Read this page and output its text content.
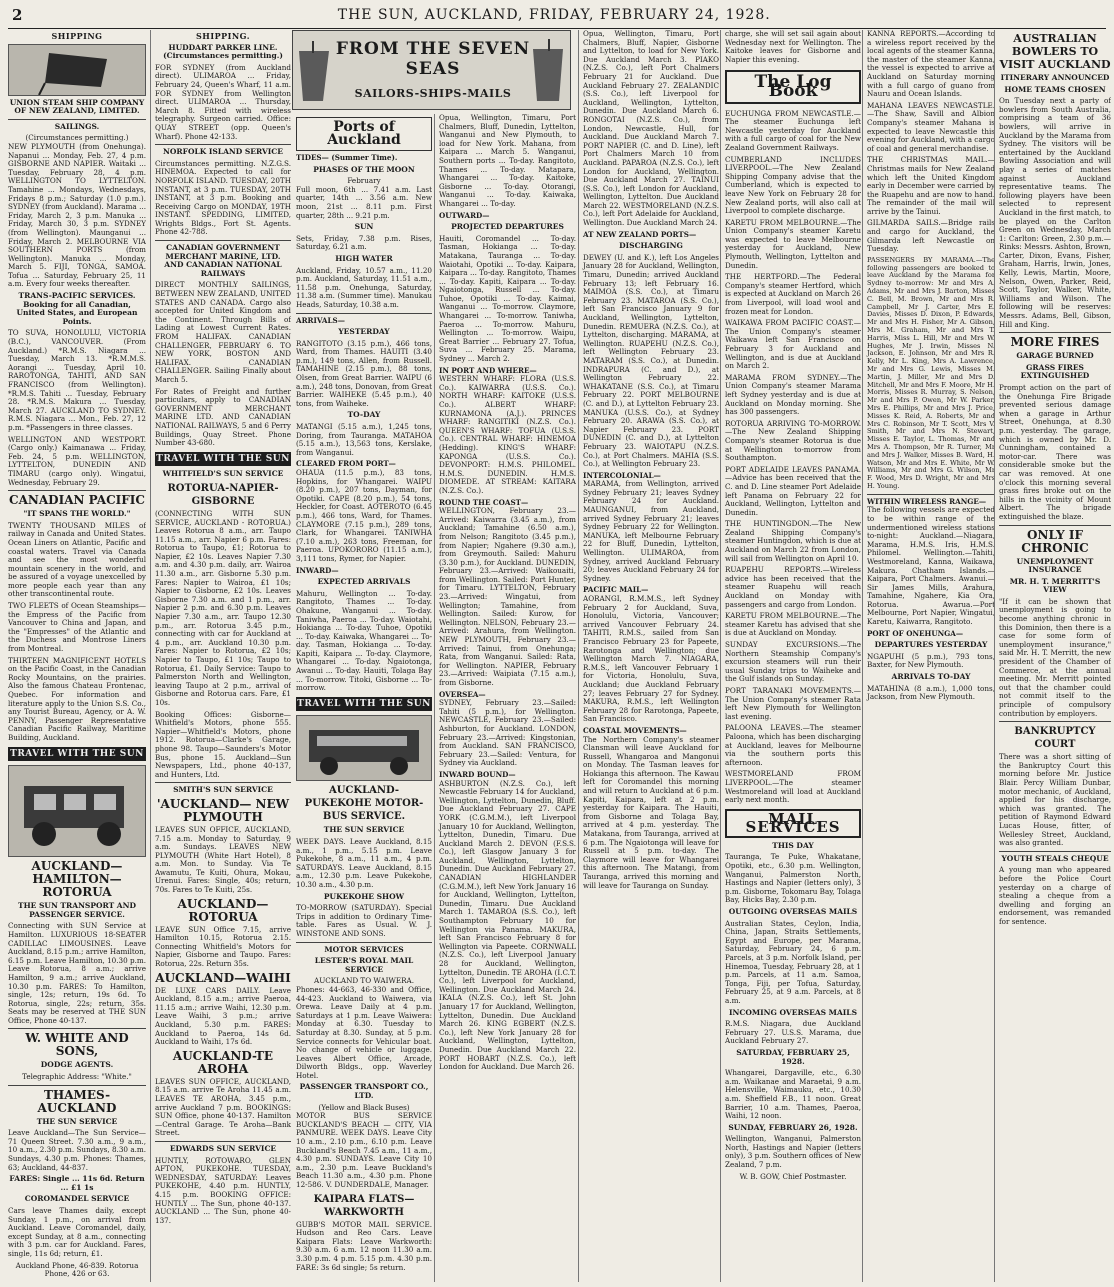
2	THE SUN, AUCKLAND, FRIDAY, FEBRUARY 24, 1928.
SHIPPING
UNION STEAM SHIP COMPANY OF NEW ZEALAND, LIMITED.
SAILINGS.
(Circumstances permitting.)
NEW PLYMOUTH (from Onehunga). Napanui ... Monday, Feb. 27, 4 p.m. GISBORNE AND NAPIER. Waitaki ... Tuesday, February 28, 4 p.m. WELLINGTON TO LYTTELTON. Tamahine ... Mondays, Wednesdays, Fridays 8 p.m.; Saturday (1.0 p.m.). SYDNEY (from Auckland). Marama ... Friday, March 2, 3 p.m. Manuka ... Friday, March 30, 3 p.m. SYDNEY (from Wellington). Maunganui ... Friday, March 2. MELBOURNE VIA SOUTHERN PORTS (from Wellington). Manuka ... Monday, March 5. FIJI, TONGA, SAMOA. Tofua ... Saturday, February 25, 11 a.m. Every four weeks thereafter.
TRANS-PACIFIC SERVICES. Booking for all Canadian, United States, and European Points.
TO SUVA, HONOLULU, VICTORIA (B.C.), VANCOUVER. (From Auckland.) *R.M.S. Niagara ... Tuesday, March 13. *R.M.M.S. Aorangi ... Tuesday, April 10. RAROTONGA, TAHITI, AND SAN FRANCISCO (from Wellington). *R.M.S. Tahiti ... Tuesday, February 28. *R.M.S. Makura ... Tuesday, March 27. AUCKLAND TO SYDNEY. R.M.S. Niagara ... Mon., Feb. 27, 12 p.m. *Passengers in three classes.
WELLINGTON AND WESTPORT. (Cargo only.) Kaimanawa ... Friday, Feb. 24, 5 p.m. WELLINGTON, LYTTELTON, DUNEDIN AND TIMARU (cargo only). Wingatui, Wednesday, February 29.
CANADIAN PACIFIC
"IT SPANS THE WORLD."
TWENTY THOUSAND MILES of railway in Canada and United States. Ocean Liners on Atlantic, Pacific and coastal waters. Travel via Canada and see the most wonderful mountain scenery in the world, and be assured of a voyage unexcelled by more people each year than any other transcontinental route.
TWO FLEETS of Ocean Steamships—the Empress of the Pacific from Vancouver to China and Japan, and the "Empresses" of the Atlantic and the Duchess and Montrose Liners from Montreal.
THIRTEEN MAGNIFICENT HOTELS on the Pacific Coast, in the Canadian Rocky Mountains, on the prairies. Also the famous Chateau Frontenac, Quebec. For information and literature apply to the Union S.S. Co., any Tourist Bureau, Agency, or A. W. PENNY, Passenger Representative Canadian Pacific Railway, Maritime Building, Auckland.
TRAVEL WITH THE SUN
AUCKLAND— HAMILTON— ROTORUA
THE SUN TRANSPORT AND PASSENGER SERVICE.
Connecting with SUN Service at Hamilton. LUXURIOUS 18-SEATER CADILLAC LIMOUSINES. Leave Auckland, 8.15 p.m.; arrive Hamilton, 6.15 p.m. Leave Hamilton, 10.30 p.m. Leave Rotorua, 8 a.m.; arrive Hamilton, 9 a.m.; arrive Auckland, 10.30 p.m. FARES: To Hamilton, single, 12s; return, 19s 6d. To Rotorua, single, 22s; return, 35s. Seats may be reserved at THE SUN Office, Phone 40-137.
W. WHITE AND SONS,
DODGE AGENTS.
Telegraphic Address: "White."
THAMES-AUCKLAND
THE SUN SERVICE
Leave Auckland—The Sun Service—71 Queen Street. 7.30 a.m., 9 a.m., 10 a.m., 2.30 p.m. Sundays, 8.30 a.m. Sundays, 4.30 p.m. Phones: Thames, 63; Auckland, 44-837.
FARES: Single ... 11s 6d. Return ... £1 1s
COROMANDEL SERVICE
Cars leave Thames daily, except Sunday, 1 p.m., on arrival from Auckland. Leave Coromandel, daily, except Sunday, at 8 a.m., connecting with 3 p.m. car for Auckland. Fares, single, 11s 6d; return, £1.
Auckland Phone, 46-839. Rotorua Phone, 426 or 63.
SHIPPING.
HUDDART PARKER LINE. (Circumstances permitting.)
FOR SYDNEY (from Auckland direct). ULIMAROA ... Friday, February 24, Queen's Wharf, 11 a.m. FOR SYDNEY from Wellington direct. ULIMAROA ... Thursday, March 8. Fitted with wireless telegraphy. Surgeon carried. Office: QUAY STREET (opp. Queen's Wharf). Phone 42-133.
NORFOLK ISLAND SERVICE
Circumstances permitting. N.Z.G.S. HINEMOA. Expected to call for NORFOLK ISLAND. TUESDAY, 20TH INSTANT, at 3 p.m. TUESDAY, 20TH INSTANT, at 3 p.m. Booking and Receiving Cargo on MONDAY, 19TH INSTANT. SPEDDING, LIMITED, Wrights Bldgs., Fort St. Agents. Phone 42-788.
CANADIAN GOVERNMENT MERCHANT MARINE, LTD. AND CANADIAN NATIONAL RAILWAYS
DIRECT MONTHLY SAILINGS, BETWEEN NEW ZEALAND, UNITED STATES AND CANADA. Cargo also accepted for United Kingdom and the Continent. Through Bills of Lading at Lowest Current Rates. FROM HALIFAX. CANADIAN CHALLENGER, FEBRUARY 6. TO NEW YORK, BOSTON AND HALIFAX. CANADIAN CHALLENGER. Sailing Finally about March 5.
For Rates of Freight and further particulars, apply to CANADIAN GOVERNMENT MERCHANT MARINE LTD. AND CANADIAN NATIONAL RAILWAYS, 5 and 6 Perry Buildings, Quay Street. Phone Number 43-680.
TRAVEL WITH THE SUN
WHITFIELD'S SUN SERVICE
ROTORUA-NAPIER-GISBORNE
(CONNECTING WITH SUN SERVICE, AUCKLAND - ROTORUA.) Leaves Rotorua 8 a.m., arr. Taupo 11.15 a.m., arr. Napier 6 p.m. Fares: Rotorua to Taupo, £1; Rotorua to Napier, £2 10s. Leaves Napier 7.30 a.m. and 4.30 p.m. daily, arr. Wairoa 11.30 a.m., arr. Gisborne 5.30 p.m. Fares: Napier to Wairoa, £1 10s; Napier to Gisborne, £2 10s. Leaves Gisborne 7.30 a.m. and 1 p.m., arr. Napier 2 p.m. and 6.30 p.m. Leaves Napier 7.30 a.m., arr. Taupo 12.30 p.m., arr. Rotorua 3.45 p.m., connecting with car for Auckland at 4 p.m., arr. Auckland 10.30 p.m. Fares: Napier to Rotorua, £2 10s; Napier to Taupo, £1 10s; Taupo to Rotorua, £1. Daily Service: Taupo to Palmerston North and Wellington, leaving Taupo at 2 p.m., arrival of Gisborne and Rotorua cars. Fare, £1 10s.
Booking Offices: Gisborne—Whitfield's Motors, phone 555. Napier—Whitfield's Motors, phone 1912. Rotorua—Clarke's Garage, phone 98. Taupo—Saunders's Motor Bus, phone 15. Auckland—Sun Newspapers, Ltd., phone 40-137, and Hunters, Ltd.
SMITH'S SUN SERVICE
'AUCKLAND— NEW PLYMOUTH
LEAVES SUN OFFICE, AUCKLAND, 7.15 a.m. Monday to Saturday, 9 a.m. Sundays. LEAVES NEW PLYMOUTH (White Hart Hotel), 8 a.m. Mon. to Sunday. Via Te Awamutu, Te Kuiti, Ohura, Mokau, Urenui. Fares: Single, 40s; return, 70s. Fares to Te Kuiti, 25s.
AUCKLAND—ROTORUA
LEAVE SUN Office 7.15, arrive Hamilton 10.15, Rotorua 2.15. Connecting Whitfield's Motors for Napier, Gisborne and Taupo. Fares: Rotorua, 22s. Return 35s.
AUCKLAND—WAIHI
DE LUXE CARS DAILY. Leave Auckland, 8.15 a.m.; arrive Paeroa, 11.15 a.m.; arrive Waihi, 12.30 p.m. Leave Waihi, 3 p.m.; arrive Auckland, 5.30 p.m. FARES: Auckland to Paeroa, 14s 6d. Auckland to Waihi, 17s 6d.
AUCKLAND-TE AROHA
LEAVES SUN OFFICE, AUCKLAND, 8.15 a.m. arrive Te Aroha 11.45 a.m. LEAVES TE AROHA, 3.45 p.m., arrive Auckland 7 p.m. BOOKINGS: SUN Office, phone 40-137. Hamilton—Central Garage. Te Aroha—Bank Street.
EDWARDS SUN SERVICE
HUNTLY, ROTOWARO, GLEN AFTON, PUKEKOHE. TUESDAY, WEDNESDAY, SATURDAY: Leaves PUKEKOHE, 4.40 p.m. HUNTLY, 4.15 p.m. BOOKING OFFICE: HUNTLY ... The Sun, phone 40-137. AUCKLAND ... The Sun, phone 40-137.
FROM THE SEVEN SEAS
SAILORS-SHIPS-MAILS
Ports of Auckland
TIDES— (Summer Time).
PHASES OF THE MOON
February
Full moon, 6th ... 7.41 a.m. Last quarter, 14th ... 3.56 a.m. New moon, 21st ... 8.11 p.m. First quarter, 28th ... 9.21 p.m.
SUN
Sets, Friday, 7.38 p.m. Rises, Saturday, 6.21 a.m.
HIGH WATER
Auckland, Friday, 10.57 a.m., 11.20 p.m. Auckland, Saturday, 11.51 a.m., 11.58 p.m. Onehunga, Saturday, 11.38 a.m. (Summer time). Manukau Heads, Saturday, 10.38 a.m.
ARRIVALS—
YESTERDAY
RANGITOTO (3.15 p.m.), 466 tons, Ward, from Thames. HAUITI (3.40 p.m.), 149 tons, Allen, from Russell. TAMAHINE (2.15 p.m.), 88 tons, Olsen, from Great Barrier. WAIPU (6 a.m.), 248 tons, Donovan, from Great Barrier. WAIHEKE (5.45 p.m.), 40 tons, from Waiheke.
TO-DAY
MATANGI (5.15 a.m.), 1,245 tons, Doring, from Tauranga. MATAHOA (5.15 a.m.), 13,563 tons, Kerslake, from Wanganui.
CLEARED FROM PORT—
OHAUA (11.5 p.m.), 83 tons, Hopkins, for Whangarei. WAIPU (8.20 p.m.), 207 tons, Dayman, for Opotiki. CAPE (8.20 p.m.), 54 tons, Heckler, for Coast. AOTEROTO (6.45 p.m.), 466 tons, Ward, for Thames. CLAYMORE (7.15 p.m.), 289 tons, Clark, for Whangarei. TANIWHA (7.10 a.m.), 263 tons, Freeman, for Paeroa. UPOKORORO (11.15 a.m.), 3,111 tons, Rymer, for Napier.
INWARD—
EXPECTED ARRIVALS
Mahuru, Wellington ... To-day. Rangitoto, Thames ... To-day. Ohakune, Wanganui ... To-day. Taniwha, Paeroa ... To-day. Waiotahi, Hokianga ... To-day. Tuhoe, Opotiki ... To-day. Kaiwaka, Whangarei ... To-day. Tasman, Hokianga ... To-day. Kapiti, Kaipara ... To-day. Claymore, Whangarei ... To-day. Ngaiotonga, Awanui ... To-day. Hauiti, Tolaga Bay ... To-morrow. Titoki, Gisborne ... To-morrow.
TRAVEL WITH THE SUN
AUCKLAND-PUKEKOHE MOTOR-BUS SERVICE.
THE SUN SERVICE
WEEK DAYS. Leave Auckland, 8.15 a.m., 1 p.m., 5.15 p.m. Leave Pukekohe, 8 a.m., 11 a.m., 4 p.m. SATURDAYS. Leave Auckland, 8.15 a.m., 12.30 p.m. Leave Pukekohe, 10.30 a.m., 4.30 p.m.
PUKEKOHE SHOW
TO-MORROW (SATURDAY). Special Trips in addition to Ordinary Time-table. Fares as Usual. W. J. WINSTONE AND SONS.
MOTOR SERVICES
LESTER'S ROYAL MAIL SERVICE
AUCKLAND TO WAIWERA.
Phones: 44-663, 46-330 and Office, 44-423. Auckland to Waiwera, via Orewa. Leave Daily at 4 p.m. Saturdays at 1 p.m. Leave Waiwera: Monday at 6.30. Tuesday to Saturday at 8.30. Sunday, at 5 p.m. Service connects for Vehicular boat. No change of vehicle or luggage. Leaves Albert Office, Arcade, Dilworth Bldgs., opp. Waverley Hotel.
PASSENGER TRANSPORT CO., LTD.
(Yellow and Black Buses)
MOTOR BUS SERVICE BUCKLAND'S BEACH — CITY, VIA PANMURE. WEEK DAYS. Leave City 10 a.m., 2.10 p.m., 6.10 p.m. Leave Buckland's Beach 7.45 a.m., 11 a.m., 4.30 p.m. SUNDAYS. Leave City 10 a.m., 2.30 p.m. Leave Buckland's Beach 11.30 a.m., 4.30 p.m. Phone 12-586. V. DUNDERDALE, Manager.
KAIPARA FLATS— WARKWORTH
GUBB'S MOTOR MAIL SERVICE. Hudson and Reo Cars. Leave Kaipara Flats: Leave Warkworth: 9.30 a.m. 6 a.m. 12 noon 11.30 a.m. 3.30 p.m. 4 p.m. 5.15 p.m. 4.30 p.m. FARE: 3s 6d single; 5s return.
Opua, Wellington, Timaru, Port Chalmers, Bluff, Dunedin, Lyttelton, Wanganui and New Plymouth, to load for New York. Mahana, from Kaipara ... March 5. Wanganui, Southern ports ... To-day. Rangitoto, Thames ... To-day. Matapara, Whangarei ... To-day. Kaitoke, Gisborne ... To-day. Otorangi, Wanganui ... To-day. Kaiwaka, Whangarei ... To-day.
OUTWARD—
PROJECTED DEPARTURES
Hauiti, Coromandel ... To-day. Tasman, Hokianga ... To-day. Matakana, Tauranga ... To-day. Waiotahi, Opotiki ... To-day. Kaipara, Kaipara ... To-day. Rangitoto, Thames ... To-day. Kapiti, Kaipara ... To-day. Ngaiotonga, Russell ... To-day. Tuhoe, Opotiki ... To-day. Kaimai, Wanganui ... To-morrow. Claymore, Whangarei ... To-morrow. Taniwha, Paeroa ... To-morrow. Mahuru, Wellington ... To-morrow. Waipu, Great Barrier ... February 27. Tofua, Suva ... February 25. Marama, Sydney ... March 2.
IN PORT AND WHERE—
WESTERN WHARF: FLORA (U.S.S. Co.). KAIWARRA (U.S.S. Co.). NORTH WHARF: KAITOKE (U.S.S. Co.). ALBERT WHARF: KURNAMONA (A.J.). PRINCES WHARF: RANGITIKI (N.Z.S. Co.). QUEEN'S WHARF: TOFUA (U.S.S. Co.). CENTRAL WHARF: HINEMOA (Hedding). KING'S WHARF: KAPONGA (U.S.S. Co.). DEVONPORT: H.M.S. PHILOMEL. H.M.S. DUNEDIN. H.M.S. DIOMEDE. AT STREAM: KAITARA (N.Z.S. Co.).
ROUND THE COAST—
WELLINGTON, February 23.—Arrived: Kaiwarra (3.45 a.m.), from Auckland; Tamahine (6.50 a.m.), from Nelson; Rangitoto (3.45 p.m.), from Napier; Ngahere (9.30 a.m.), from Greymouth. Sailed: Mahuru (3.30 p.m.), for Auckland. DUNEDIN, February 23.—Arrived: Waikouaiti, from Wellington. Sailed: Port Hunter, for Timaru. LYTTELTON, February 23.—Arrived: Wingatui, from Wellington; Tamahine, from Wellington. Sailed: Kurow, for Wellington. NELSON, February 23.—Arrived: Arahura, from Wellington. NEW PLYMOUTH, February 23.—Arrived: Tainui, from Onehunga; Rata, from Wanganui. Sailed: Rata, for Wellington. NAPIER, February 23.—Arrived: Waipiata (7.15 a.m.), from Gisborne.
OVERSEA—
SYDNEY, February 23.—Sailed: Tahiti (5 p.m.), for Wellington. NEWCASTLE, February 23.—Sailed: Ashburton, for Auckland. LONDON, February 23.—Arrived: Kingstonian, from Auckland. SAN FRANCISCO, February 23.—Sailed: Ventura, for Sydney via Auckland.
INWARD BOUND—
ASHBURTON (N.Z.S. Co.), left Newcastle February 14 for Auckland, Wellington, Lyttelton, Dunedin, Bluff. Due Auckland February 27. CAPE YORK (C.G.M.M.), left Liverpool January 10 for Auckland, Wellington, Lyttelton, Dunedin, Timaru. Due Auckland March 2. DEVON (F.S.S. Co.), left Glasgow January 3 for Auckland, Wellington, Lyttelton, Dunedin. Due Auckland February 27. CANADIAN HIGHLANDER (C.G.M.M.), left New York January 16 for Auckland, Wellington, Lyttelton, Dunedin, Timaru. Due Auckland March 1. TAMAROA (S.S. Co.), left Southampton February 10 for Wellington via Panama. MAKURA, left San Francisco February 8 for Wellington via Papeete. CORNWALL (N.Z.S. Co.), left Liverpool January 28 for Auckland, Wellington, Lyttelton, Dunedin. TE AROHA (I.C.T. Co.), left Liverpool for Auckland, Wellington. Due Auckland March 24. IKALA (N.Z.S. Co.), left St. John January 17 for Auckland, Wellington, Lyttelton, Dunedin. Due Auckland March 26. KING EGBERT (N.Z.S. Co.), left New York January 28 for Auckland, Wellington, Lyttelton, Dunedin. Due Auckland March 22. PORT HOBART (N.Z.S. Co.), left London for Auckland. Due March 26.
Opua, Wellington, Timaru, Port Chalmers, Bluff, Napier, Gisborne and Lyttelton, to load for New York. Due Auckland March 3. PIAKO (N.Z.S. Co.), left Port Chalmers February 21 for Auckland. Due Auckland February 27. ZEALANDIC (S.S. Co.), left Liverpool for Auckland, Wellington, Lyttelton, Dunedin. Due Auckland March 6. RONGOTAI (N.Z.S. Co.), from London, Newcastle, Hull, for Auckland. Due Auckland March 7. PORT NAPIER (C. and D. Line), left Port Chalmers March 10 from Auckland. PAPAROA (N.Z.S. Co.), left London for Auckland, Wellington. Due Auckland March 27. TAINUI (S.S. Co.), left London for Auckland, Wellington, Lyttelton. Due Auckland March 22. WESTMORELAND (N.Z.S. Co.), left Port Adelaide for Auckland, Wellington. Due Auckland March 24.
AT NEW ZEALAND PORTS—
DISCHARGING
DEWEY (U. and K.), left Los Angeles January 28 for Auckland, Wellington, Timaru, Dunedin; arrived Auckland February 13; left February 16. MAIMOA (S.S. Co.), at Timaru February 23. MATAROA (S.S. Co.), left San Francisco January 9 for Auckland, Wellington, Lyttelton, Dunedin. REMUERA (N.Z.S. Co.), at Lyttelton, discharging. MARAMA, at Wellington. RUAPEHU (N.Z.S. Co.), left Wellington February 23. MATARAM (S.S. Co.), at Dunedin. INDRAPURA (C. and D.), at Wellington February 22. WHAKATANE (S.S. Co.), at Timaru February 22. PORT MELBOURNE (C. and D.), at Lyttelton February 23. MANUKA (U.S.S. Co.), at Sydney February 20. ARAWA (S.S. Co.), at Napier February 23. PORT DUNEDIN (C. and D.), at Lyttelton February 23. WAIOTAPU (N.Z.S. Co.), at Port Chalmers. MAHIA (S.S. Co.), at Wellington February 23.
INTERCOLONIAL—
MARAMA, from Wellington, arrived Sydney February 21; leaves Sydney February 24 for Auckland. MAUNGANUI, from Auckland, arrived Sydney February 21; leaves Sydney February 22 for Wellington. MANUKA, left Melbourne February 22 for Bluff, Dunedin, Lyttelton, Wellington. ULIMAROA, from Sydney, arrived Auckland February 20; leaves Auckland February 24 for Sydney.
PACIFIC MAIL—
AORANGI, R.M.M.S., left Sydney February 2 for Auckland, Suva, Honolulu, Victoria, Vancouver; arrived Vancouver February 24. TAHITI, R.M.S., sailed from San Francisco February 23 for Papeete, Rarotonga and Wellington; due Wellington March 7. NIAGARA, R.M.S., left Vancouver February 1 for Victoria, Honolulu, Suva, Auckland; due Auckland February 27; leaves February 27 for Sydney. MAKURA, R.M.S., left Wellington February 28 for Rarotonga, Papeete, San Francisco.
COASTAL MOVEMENTS—
The Northern Company's steamer Clansman will leave Auckland for Russell, Whangaroa and Mangonui on Monday. The Tasman leaves for Hokianga this afternoon. The Kawau left for Coromandel this morning and will return to Auckland at 6 p.m. Kapiti, Kaipara, left at 2 p.m. yesterday for Kaipara. The Hauiti, from Gisborne and Tolaga Bay, arrived at 4 p.m. yesterday. The Matakana, from Tauranga, arrived at 6 p.m. The Ngaiotonga will leave for Russell at 5 p.m. to-day. The Claymore will leave for Whangarei this afternoon. The Matangi, from Tauranga, arrived this morning and will leave for Tauranga on Sunday.
charge, she will set sail again about Wednesday next for Wellington. The Kaitoke leaves for Gisborne and Napier this evening.
The Log Book
EUCHUNGA FROM NEWCASTLE.—The steamer Euchunga left Newcastle yesterday for Auckland with a full cargo of coal for the New Zealand Government Railways.
CUMBERLAND INCLUDES LIVERPOOL.—The New Zealand Shipping Company advise that the Cumberland, which is expected to leave New York on February 28 for New Zealand ports, will also call at Liverpool to complete discharge.
KARETU FROM MELBOURNE.—The Union Company's steamer Karetu was expected to leave Melbourne yesterday for Auckland, New Plymouth, Wellington, Lyttelton and Dunedin.
THE HERTFORD.—The Federal Company's steamer Hertford, which is expected at Auckland on March 26 from Liverpool, will load wool and frozen meat for London.
WAIKAWA FROM PACIFIC COAST.—The Union Company's steamer Waikawa left San Francisco on February 3 for Auckland and Wellington, and is due at Auckland on March 2.
MARAMA FROM SYDNEY.—The Union Company's steamer Marama left Sydney yesterday and is due at Auckland on Monday morning. She has 300 passengers.
ROTORUA ARRIVING TO-MORROW.—The New Zealand Shipping Company's steamer Rotorua is due at Wellington to-morrow from Southampton.
PORT ADELAIDE LEAVES PANAMA.—Advice has been received that the C. and D. Line steamer Port Adelaide left Panama on February 22 for Auckland, Wellington, Lyttelton and Dunedin.
THE HUNTINGDON.—The New Zealand Shipping Company's steamer Huntingdon, which is due at Auckland on March 22 from London, will sail from Wellington on April 10.
RUAPEHU REPORTS.—Wireless advice has been received that the steamer Ruapehu will reach Auckland on Monday with passengers and cargo from London.
KARETU FROM MELBOURNE.—The steamer Karetu has advised that she is due at Auckland on Monday.
SUNDAY EXCURSIONS.—The Northern Steamship Company's excursion steamers will run their usual Sunday trips to Waiheke and the Gulf islands on Sunday.
PORT TARANAKI MOVEMENTS.—The Union Company's steamer Rata left New Plymouth for Wellington last evening.
PALOONA LEAVES.—The steamer Paloona, which has been discharging at Auckland, leaves for Melbourne via the southern ports this afternoon.
WESTMORELAND FROM LIVERPOOL.—The steamer Westmoreland will load at Auckland early next month.
MAIL SERVICES
THIS DAY
Tauranga, Te Puke, Whakatane, Opotiki, etc., 6.30 p.m. Wellington, Wanganui, Palmerston North, Hastings and Napier (letters only), 3 p.m. Gisborne, Tokomaru Bay, Tolaga Bay, Hicks Bay, 2.30 p.m.
OUTGOING OVERSEAS MAILS
Australian States, Ceylon, India, China, Japan, Straits Settlements, Egypt and Europe, per Marama, Saturday, February 24, 6 p.m. Parcels, at 3 p.m. Norfolk Island, per Hinemoa, Tuesday, February 28, at 1 p.m. Parcels, at 11 a.m. Samoa, Tonga, Fiji, per Tofua, Saturday, February 25, at 9 a.m. Parcels, at 8 a.m.
INCOMING OVERSEAS MAILS
R.M.S. Niagara, due Auckland February 27. U.S.S. Marama, due Auckland February 27.
SATURDAY, FEBRUARY 25, 1928.
Whangarei, Dargaville, etc., 6.30 a.m. Waikanae and Maraetai, 9 a.m. Helensville, Waimauku, etc., 10.30 a.m. Sheffield F.B., 11 noon. Great Barrier, 10 a.m. Thames, Paeroa, Waihi, 12 noon.
SUNDAY, FEBRUARY 26, 1928.
Wellington, Wanganui, Palmerston North, Hastings and Napier (letters only), 3 p.m. Southern offices of New Zealand, 7 p.m.
W. B. GOW, Chief Postmaster.
KANNA REPORTS.—According to a wireless report received by the local agents of the steamer Kanna, the master of the steamer Kanna, the vessel is expected to arrive at Auckland on Saturday morning with a full cargo of guano from Nauru and Ocean Islands.
MAHANA LEAVES NEWCASTLE.—The Shaw, Savill and Albion Company's steamer Mahana is expected to leave Newcastle this evening for Auckland, with a cargo of coal and general merchandise.
THE CHRISTMAS MAIL.—Christmas mails for New Zealand which left the United Kingdom early in December were carried by the Ruapehu and are now to hand. The remainder of the mail will arrive by the Tainui.
GILMARDA SAILS.—Bridge rails and cargo for Auckland, the Gilmarda left Newcastle on Tuesday.
PASSENGERS BY MARAMA.—The following passengers are booked to leave Auckland by the Marama for Sydney to-morrow: Mr and Mrs A. Adams, Mr and Mrs J. Barton, Misses C. Bell, M. Brown, Mr and Mrs R. Campbell, Mr J. Carter, Mrs E. Davies, Misses D. Dixon, P. Edwards, Mr and Mrs H. Fisher, Mr A. Gibson, Mrs M. Graham, Mr and Mrs T. Harris, Miss L. Hill, Mr and Mrs W. Hughes, Mr J. Irwin, Misses N. Jackson, E. Johnson, Mr and Mrs R. Kelly, Mr L. King, Mrs A. Lawrence, Mr and Mrs G. Lewis, Misses M. Martin, J. Miller, Mr and Mrs D. Mitchell, Mr and Mrs F. Moore, Mr H. Morris, Misses R. Murray, S. Nelson, Mr and Mrs P. Owen, Mr W. Parker, Mrs E. Phillips, Mr and Mrs J. Price, Misses K. Reid, A. Roberts, Mr and Mrs C. Robinson, Mr T. Scott, Mrs V. Smith, Mr and Mrs N. Stewart, Misses E. Taylor, L. Thomas, Mr and Mrs A. Thompson, Mr R. Turner, Mr and Mrs J. Walker, Misses B. Ward, H. Watson, Mr and Mrs E. White, Mr W. Williams, Mr and Mrs G. Wilson, Mr F. Wood, Mrs D. Wright, Mr and Mrs H. Young.
WITHIN WIRELESS RANGE—
The following vessels are expected to be within range of the undermentioned wireless stations to-night: Auckland.—Niagara, Marama, H.M.S. Iris, H.M.S. Philomel. Wellington.—Tahiti, Westmoreland, Kanna, Waikawa, Makura. Chatham Islands.—Kaipara, Port Chalmers. Awanui.—Sir James Mills, Arahura, Tamahine, Ngahere, Kia Ora, Rotorua. Awarua.—Port Melbourne, Port Napier, Wingatui, Karetu, Kaiwarra, Rangitoto.
PORT OF ONEHUNGA—
DEPARTURES YESTERDAY
NGAPUHI (5 p.m.), 793 tons, Baxter, for New Plymouth.
ARRIVALS TO-DAY
MATAHINA (8 a.m.), 1,000 tons, Jackson, from New Plymouth.
AUSTRALIAN BOWLERS TO VISIT AUCKLAND
ITINERARY ANNOUNCED
HOME TEAMS CHOSEN
On Tuesday next a party of bowlers from South Australia, comprising a team of 36 bowlers, will arrive in Auckland by the Marama from Sydney. The visitors will be entertained by the Auckland Bowling Association and will play a series of matches against Auckland representative teams. The following players have been selected to represent Auckland in the first match, to be played on the Carlton Green on Wednesday, March 1: Carlton: Green, 2.30 p.m.—Rinks: Messrs. Ashton, Brown, Carter, Dixon, Evans, Fisher, Graham, Harris, Irwin, Jones, Kelly, Lewis, Martin, Moore, Nelson, Owen, Parker, Reid, Scott, Taylor, Walker, White, Williams and Wilson. The following will be reserves: Messrs. Adams, Bell, Gibson, Hill and King.
MORE FIRES
GARAGE BURNED
GRASS FIRES EXTINGUISHED
Prompt action on the part of the Onehunga Fire Brigade prevented serious damage when a garage in Arthur Street, Onehunga, at 8.30 p.m. yesterday. The garage, which is owned by Mr. D. Cunningham, contained a motor-car. There was considerable smoke but the car was removed. At one o'clock this morning several grass fires broke out on the hills in the vicinity of Mount Albert. The brigade extinguished the blaze.
ONLY IF CHRONIC
UNEMPLOYMENT INSURANCE
MR. H. T. MERRITT'S VIEW
"If it can be shown that unemployment is going to become anything chronic in this Dominion, then there is a case for some form of unemployment insurance," said Mr. H. T. Merritt, the new president of the Chamber of Commerce, at the annual meeting. Mr. Merritt pointed out that the chamber could not commit itself to the principle of compulsory contribution by employers.
BANKRUPTCY COURT
There was a short sitting of the Bankruptcy Court this morning before Mr. Justice Blair. Percy William Dunbar, motor mechanic, of Auckland, applied for his discharge, which was granted. The petition of Raymond Edward Lucas House, fitter, of Wellesley Street, Auckland, was also granted.
YOUTH STEALS CHEQUE
A young man who appeared before the Police Court yesterday on a charge of stealing a cheque from a dwelling and forging an endorsement, was remanded for sentence.
